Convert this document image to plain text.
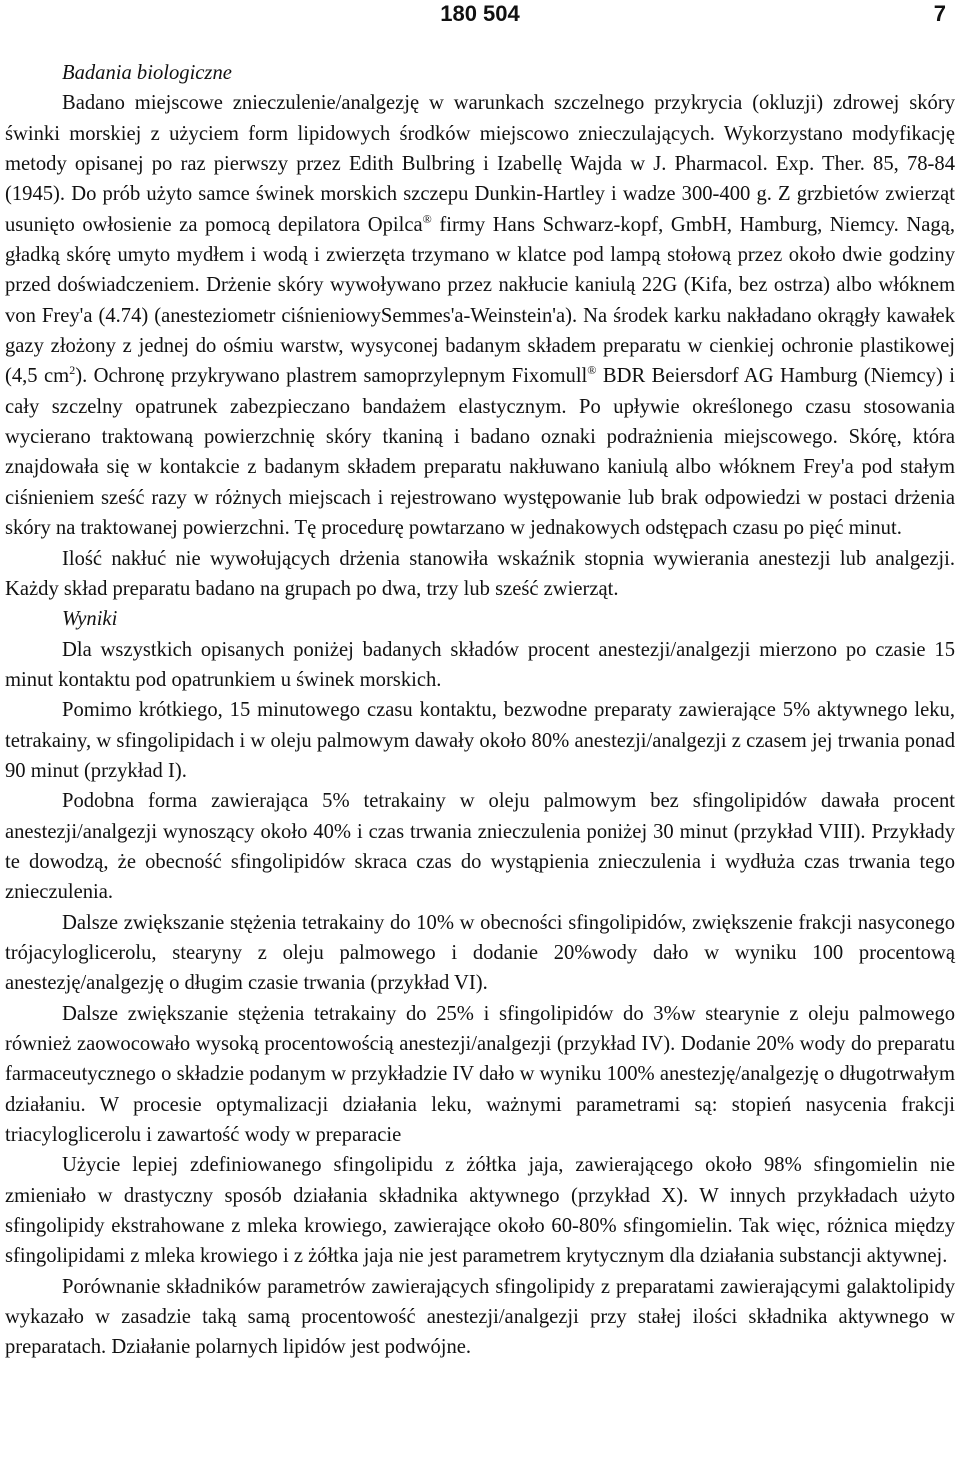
180 504	7

Badania biologiczne

Badano miejscowe znieczulenie/analgezję w warunkach szczelnego przykrycia (okluzji) zdrowej skóry świnki morskiej z użyciem form lipidowych środków miejscowo znieczulających. Wykorzystano modyfikację metody opisanej po raz pierwszy przez Edith Bulbring i Izabellę Wajda w J. Pharmacol. Exp. Ther. 85, 78-84 (1945). Do prób użyto samce świnek morskich szczepu Dunkin-Hartley i wadze 300-400 g. Z grzbietów zwierząt usunięto owłosienie za pomocą depilatora Opilca® firmy Hans Schwarz-kopf, GmbH, Hamburg, Niemcy. Nagą, gładką skórę umyto mydłem i wodą i zwierzęta trzymano w klatce pod lampą stołową przez około dwie godziny przed doświadczeniem. Drżenie skóry wywoływano przez nakłucie kaniulą 22G (Kifa, bez ostrza) albo włóknem von Frey'a (4.74) (anesteziometr ciśnieniowySemmes'a-Weinstein'a). Na środek karku nakładano okrągły kawałek gazy złożony z jednej do ośmiu warstw, wysyconej badanym składem preparatu w cienkiej ochronie plastikowej (4,5 $cm^2$). Ochronę przykrywano plastrem samoprzylepnym Fixomull® BDR Beiersdorf AG Hamburg (Niemcy) i cały szczelny opatrunek zabezpieczano bandażem elastycznym. Po upływie określonego czasu stosowania wycierano traktowaną powierzchnię skóry tkaniną i badano oznaki podrażnienia miejscowego. Skórę, która znajdowała się w kontakcie z badanym składem preparatu nakłuwano kaniulą albo włóknem Frey'a pod stałym ciśnieniem sześć razy w różnych miejscach i rejestrowano występowanie lub brak odpowiedzi w postaci drżenia skóry na traktowanej powierzchni. Tę procedurę powtarzano w jednakowych odstępach czasu po pięć minut.

Ilość nakłuć nie wywołujących drżenia stanowiła wskaźnik stopnia wywierania anestezji lub analgezji. Każdy skład preparatu badano na grupach po dwa, trzy lub sześć zwierząt.

Wyniki

Dla wszystkich opisanych poniżej badanych składów procent anestezji/analgezji mierzono po czasie 15 minut kontaktu pod opatrunkiem u świnek morskich.

Pomimo krótkiego, 15 minutowego czasu kontaktu, bezwodne preparaty zawierające 5% aktywnego leku, tetrakainy, w sfingolipidach i w oleju palmowym dawały około 80% anestezji/analgezji z czasem jej trwania ponad 90 minut (przykład I).

Podobna forma zawierająca 5% tetrakainy w oleju palmowym bez sfingolipidów dawała procent anestezji/analgezji wynoszący około 40% i czas trwania znieczulenia poniżej 30 minut (przykład VIII). Przykłady te dowodzą, że obecność sfingolipidów skraca czas do wystąpienia znieczulenia i wydłuża czas trwania tego znieczulenia.

Dalsze zwiększanie stężenia tetrakainy do 10% w obecności sfingolipidów, zwiększenie frakcji nasyconego trójacyloglicerolu, stearyny z oleju palmowego i dodanie 20%wody dało w wyniku 100 procentową anestezję/analgezję o długim czasie trwania (przykład VI).

Dalsze zwiększanie stężenia tetrakainy do 25% i sfingolipidów do 3%w stearynie z oleju palmowego również zaowocowało wysoką procentowością anestezji/analgezji (przykład IV). Dodanie 20% wody do preparatu farmaceutycznego o składzie podanym w przykładzie IV dało w wyniku 100% anestezję/analgezję o długotrwałym działaniu. W procesie optymalizacji działania leku, ważnymi parametrami są: stopień nasycenia frakcji triacyloglicerolu i zawartość wody w preparacie

Użycie lepiej zdefiniowanego sfingolipidu z żółtka jaja, zawierającego około 98% sfingomielin nie zmieniało w drastyczny sposób działania składnika aktywnego (przykład X). W innych przykładach użyto sfingolipidy ekstrahowane z mleka krowiego, zawierające około 60-80% sfingomielin. Tak więc, różnica między sfingolipidami z mleka krowiego i z żółtka jaja nie jest parametrem krytycznym dla działania substancji aktywnej.

Porównanie składników parametrów zawierających sfingolipidy z preparatami zawierającymi galaktolipidy wykazało w zasadzie taką samą procentowość anestezji/analgezji przy stałej ilości składnika aktywnego w preparatach. Działanie polarnych lipidów jest podwójne.
